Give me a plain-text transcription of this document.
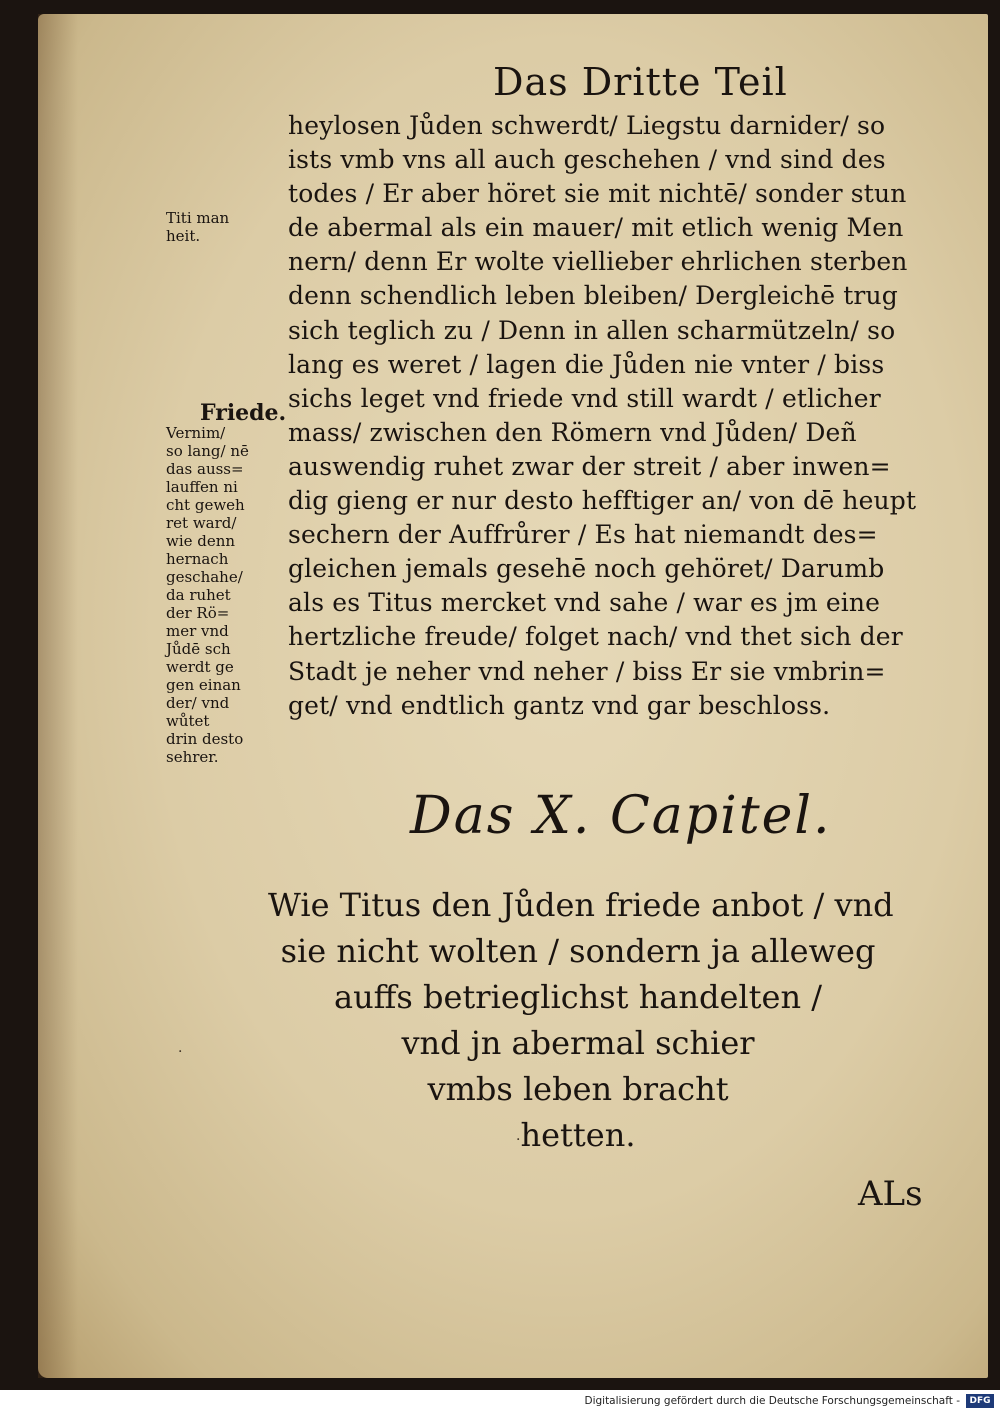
Das Dritte Teil
Titi man
heit.
Friede.
Vernim/
so lang/ nē
das auss=
lauffen ni
cht geweh
ret ward/
wie denn
hernach
geschahe/
da ruhet
der Rö=
mer vnd
Jůdē sch
werdt ge
gen einan
der/ vnd
wůtet
drin desto
sehrer.
heylosen Jůden schwerdt/ Liegstu darnider/ so
ists vmb vns all auch geschehen / vnd sind des
todes / Er aber höret sie mit nichtē/ sonder stun
de abermal als ein mauer/ mit etlich wenig Men
nern/ denn Er wolte viellieber ehrlichen sterben
denn schendlich leben bleiben/ Dergleichē trug
sich teglich zu / Denn in allen scharmützeln/ so
lang es weret / lagen die Jůden nie vnter / biss
sichs leget vnd friede vnd still wardt / etlicher
mass/ zwischen den Römern vnd Jůden/ Deñ
auswendig ruhet zwar der streit / aber inwen=
dig gieng er nur desto hefftiger an/ von dē heupt
sechern der Auffrůrer / Es hat niemandt des=
gleichen jemals gesehē noch gehöret/ Darumb
als es Titus mercket vnd sahe / war es jm eine
hertzliche freude/ folget nach/ vnd thet sich der
Stadt je neher vnd neher / biss Er sie vmbrin=
get/ vnd endtlich gantz vnd gar beschloss.
Das X. Capitel.
Wie Titus den Jůden friede anbot / vnd
sie nicht wolten / sondern ja alleweg
auffs betrieglichst handelten /
vnd jn abermal schier
vmbs leben bracht
hetten.
·
·
ALs
Digitalisierung gefördert durch die Deutsche Forschungsgemeinschaft -	DFG
